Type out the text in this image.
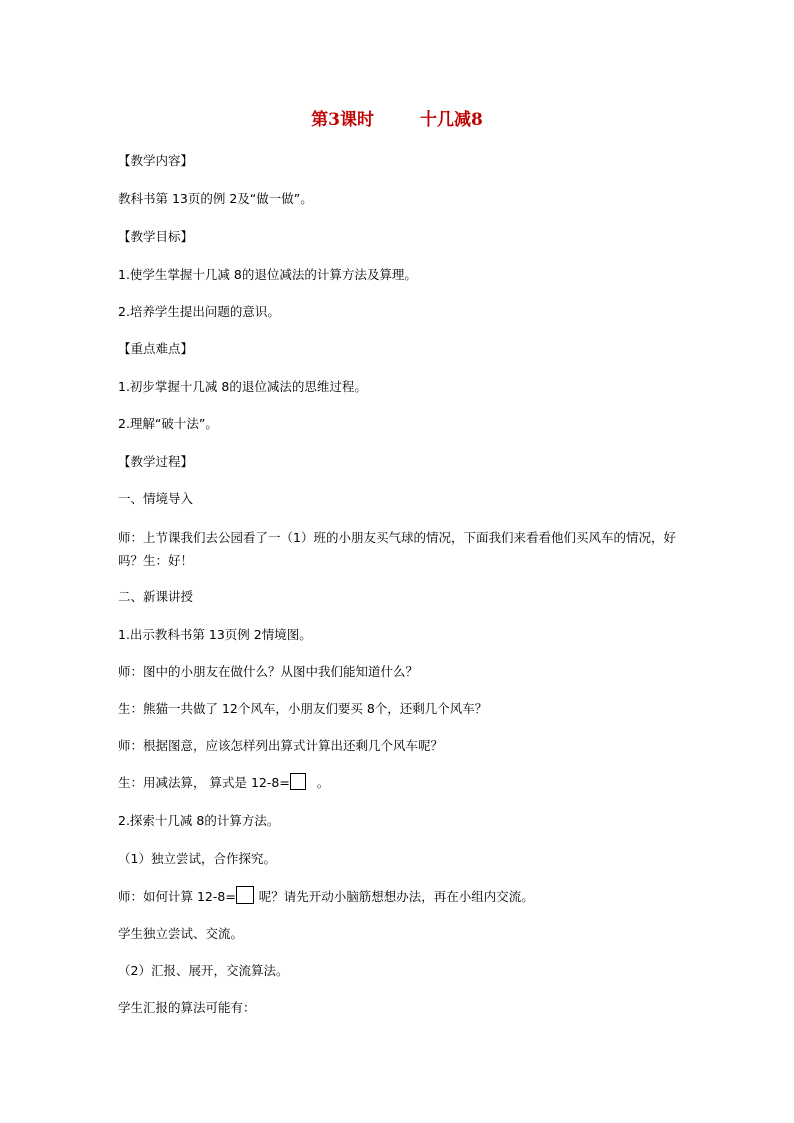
第3课时	十几减8
【教学内容】
教科书第 13页的例 2及“做一做”。
【教学目标】
1.使学生掌握十几减 8的退位减法的计算方法及算理。
2.培养学生提出问题的意识。
【重点难点】
1.初步掌握十几减 8的退位减法的思维过程。
2.理解“破十法”。
【教学过程】
一、情境导入
师：上节课我们去公园看了一（1）班的小朋友买气球的情况，下面我们来看看他们买风车的情况，好吗？生：好！
二、新课讲授
1.出示教科书第 13页例 2情境图。
师：图中的小朋友在做什么？从图中我们能知道什么？
生：熊猫一共做了 12个风车，小朋友们要买 8个，还剩几个风车？
师：根据图意，应该怎样列出算式计算出还剩几个风车呢？
生：用减法算， 算式是 12-8= 。
2.探索十几减 8的计算方法。
（1）独立尝试，合作探究。
师：如何计算 12-8= 呢？请先开动小脑筋想想办法，再在小组内交流。
学生独立尝试、交流。
（2）汇报、展开，交流算法。
学生汇报的算法可能有：
